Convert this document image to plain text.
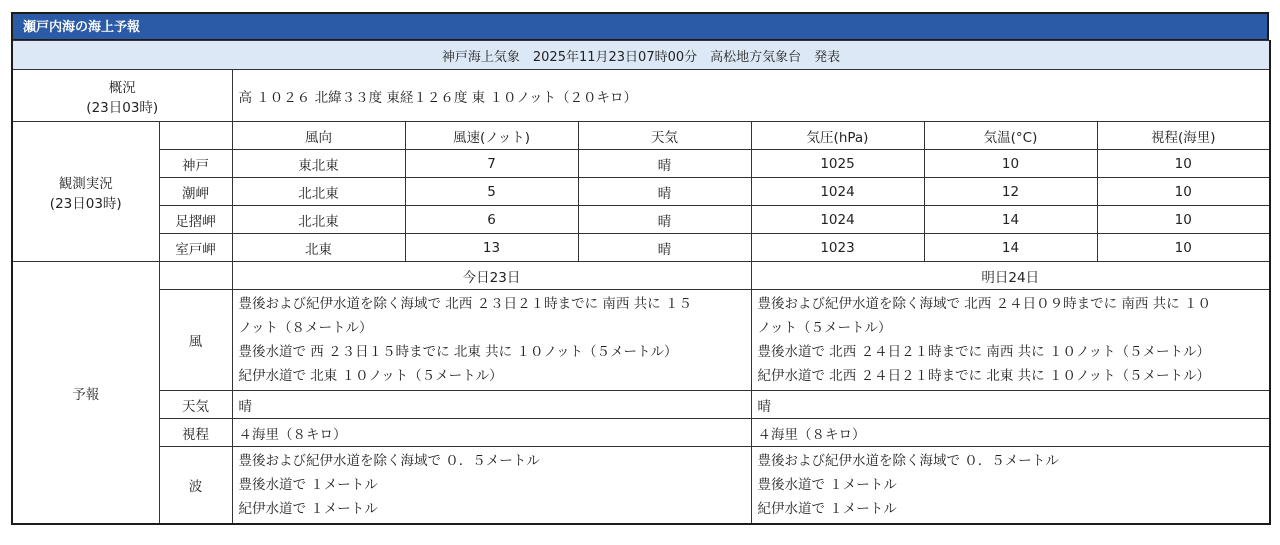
瀬戸内海の海上予報
神戸海上気象　2025年11月23日07時00分　高松地方気象台　発表							

概況
(23日03時)		高 １０２６ 北緯３３度 東経１２６度 東 １０ノット（２０キロ）					

観測実況
(23日03時)		風向	風速(ノット)	天気	気圧(hPa)	気温(°C)	視程(海里)
	神戸	東北東	7	晴	1025	10	10
	潮岬	北北東	5	晴	1024	12	10
	足摺岬	北北東	6	晴	1024	14	10
	室戸岬	北東	13	晴	1023	14	10
予報		今日23日			明日24日		
	風	豊後および紀伊水道を除く海域で 北西 ２３日２１時までに 南西 共に １５
ノット（８メートル）
豊後水道で 西 ２３日１５時までに 北東 共に １０ノット（５メートル）
紀伊水道で 北東 １０ノット（５メートル）			豊後および紀伊水道を除く海域で 北西 ２４日０９時までに 南西 共に １０
ノット（５メートル）
豊後水道で 北西 ２４日２１時までに 南西 共に １０ノット（５メートル）
紀伊水道で 北西 ２４日２１時までに 北東 共に １０ノット（５メートル）		

	天気	晴			晴		
	視程	４海里（８キロ）			４海里（８キロ）		
	波	豊後および紀伊水道を除く海域で ０．５メートル
豊後水道で １メートル
紀伊水道で １メートル			豊後および紀伊水道を除く海域で ０．５メートル
豊後水道で １メートル
紀伊水道で １メートル		
